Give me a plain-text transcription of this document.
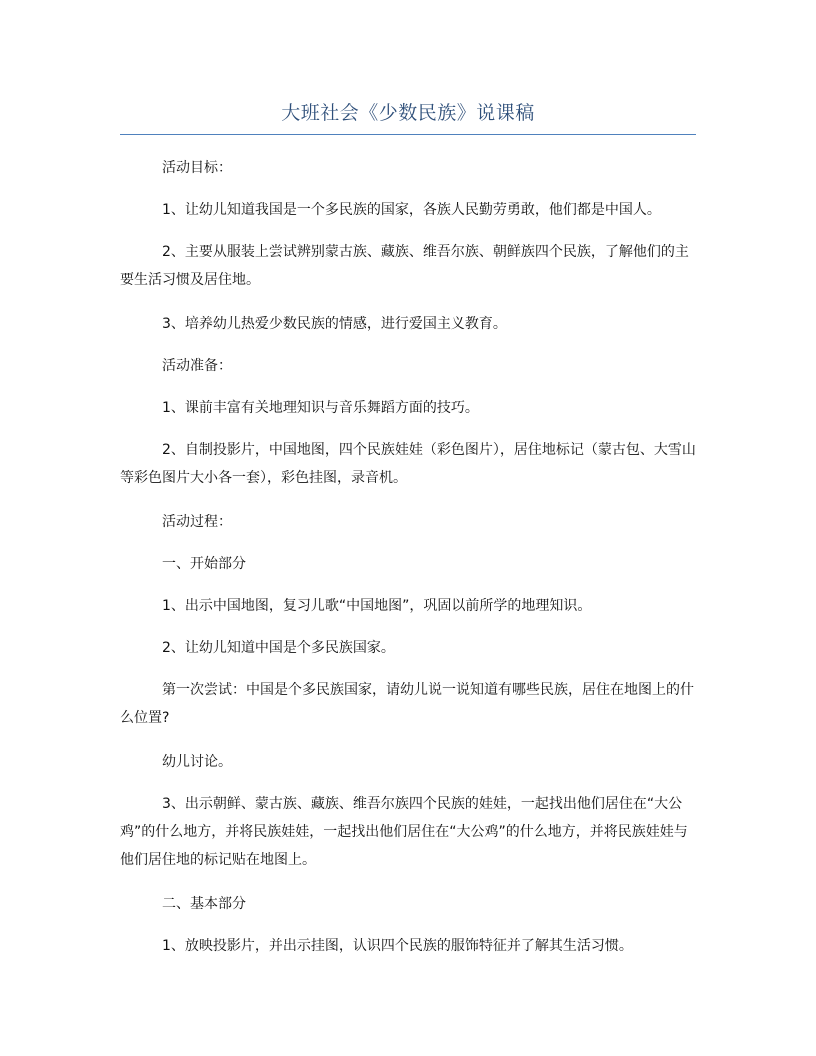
大班社会《少数民族》说课稿

活动目标：

1、让幼儿知道我国是一个多民族的国家，各族人民勤劳勇敢，他们都是中国人。

2、主要从服装上尝试辨别蒙古族、藏族、维吾尔族、朝鲜族四个民族，了解他们的主要生活习惯及居住地。

3、培养幼儿热爱少数民族的情感，进行爱国主义教育。

活动准备：

1、课前丰富有关地理知识与音乐舞蹈方面的技巧。

2、自制投影片，中国地图，四个民族娃娃（彩色图片），居住地标记（蒙古包、大雪山等彩色图片大小各一套），彩色挂图，录音机。

活动过程：

一、开始部分

1、出示中国地图，复习儿歌“中国地图”，巩固以前所学的地理知识。

2、让幼儿知道中国是个多民族国家。

第一次尝试：中国是个多民族国家，请幼儿说一说知道有哪些民族，居住在地图上的什么位置?

幼儿讨论。

3、出示朝鲜、蒙古族、藏族、维吾尔族四个民族的娃娃，一起找出他们居住在“大公鸡”的什么地方，并将民族娃娃，一起找出他们居住在“大公鸡”的什么地方，并将民族娃娃与他们居住地的标记贴在地图上。

二、基本部分

1、放映投影片，并出示挂图，认识四个民族的服饰特征并了解其生活习惯。
